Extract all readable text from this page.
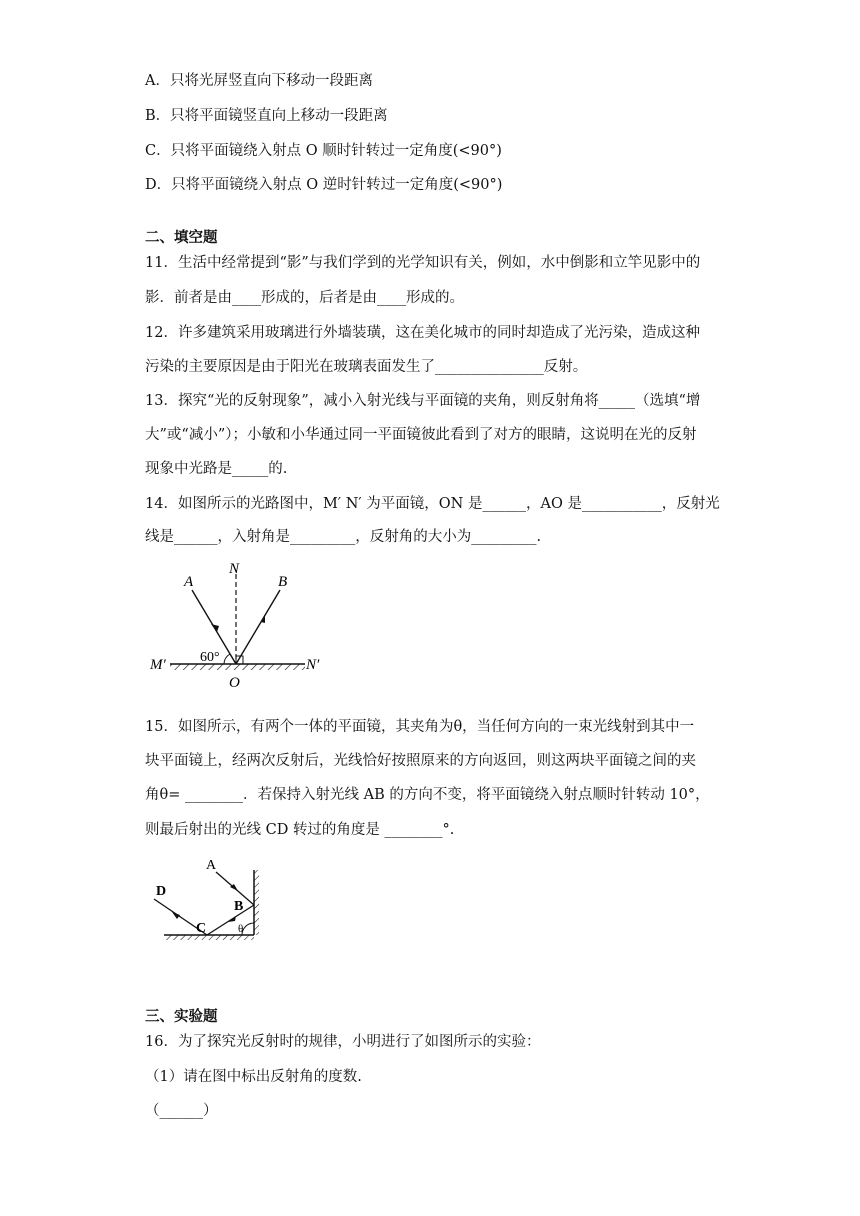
A．只将光屏竖直向下移动一段距离
B．只将平面镜竖直向上移动一段距离
C．只将平面镜绕入射点 O 顺时针转过一定角度(<90°)
D．只将平面镜绕入射点 O 逆时针转过一定角度(<90°)
二、填空题
11．生活中经常提到“影”与我们学到的光学知识有关，例如，水中倒影和立竿见影中的
影．前者是由____形成的，后者是由____形成的。
12．许多建筑采用玻璃进行外墙装璜，这在美化城市的同时却造成了光污染，造成这种
污染的主要原因是由于阳光在玻璃表面发生了_______________反射。
13．探究“光的反射现象”，减小入射光线与平面镜的夹角，则反射角将_____（选填“增
大”或“减小”）；小敏和小华通过同一平面镜彼此看到了对方的眼睛，这说明在光的反射
现象中光路是_____的.
14．如图所示的光路图中，M′ N′ 为平面镜，ON 是______，AO 是___________，反射光
线是______，入射角是_________，反射角的大小为_________.
A
N
B
60°
M′
O
N′
15．如图所示，有两个一体的平面镜，其夹角为θ，当任何方向的一束光线射到其中一
块平面镜上，经两次反射后，光线恰好按照原来的方向返回，则这两块平面镜之间的夹
角θ= ________．若保持入射光线 AB 的方向不变，将平面镜绕入射点顺时针转动 10°，
则最后射出的光线 CD 转过的角度是 ________°.
A
B
C
D
θ
三、实验题
16．为了探究光反射时的规律，小明进行了如图所示的实验：
（1）请在图中标出反射角的度数.
（______）
